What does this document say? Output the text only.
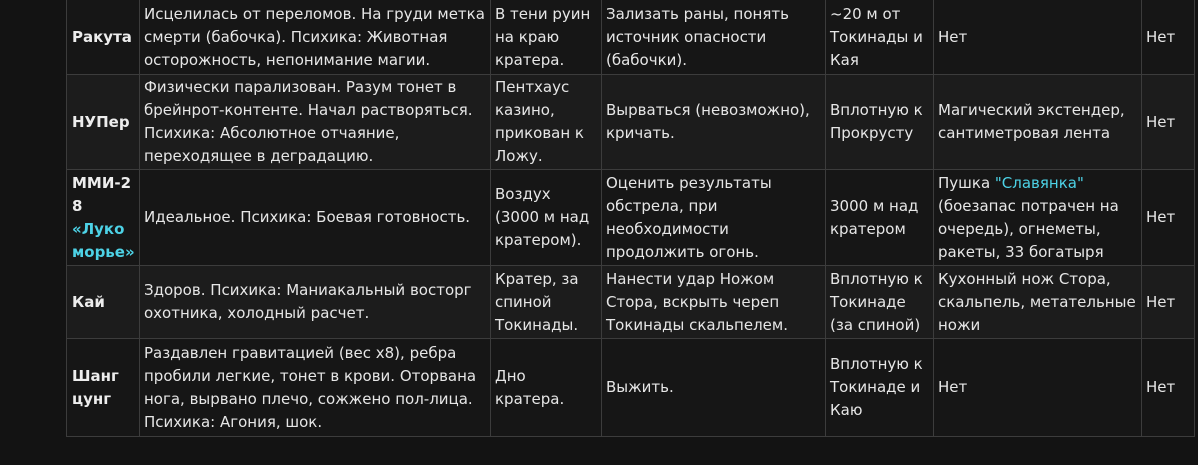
Ракута	Исцелилась от переломов. На груди метка смерти (бабочка). Психика: Животная осторожность, непонимание магии.	В тени руин на краю кратера.	Зализать раны, понять источник опасности (бабочки).	~20 м от Токинады и Кая	Нет	Нет
НУПер	Физически парализован. Разум тонет в брейнрот-контенте. Начал растворяться. Психика: Абсолютное отчаяние, переходящее в деградацию.	Пентхаус казино, прикован к Ложу.	Вырваться (невозможно), кричать.	Вплотную к Прокрусту	Магический экстендер, сантиметровая лента	Нет
ММИ-28
«Лукоморье»	Идеальное. Психика: Боевая готовность.	Воздух (3000 м над кратером).	Оценить результаты обстрела, при необходимости продолжить огонь.	3000 м над кратером	Пушка "Славянка" (боезапас потрачен на очередь), огнеметы, ракеты, 33 богатыря	Нет
Кай	Здоров. Психика: Маниакальный восторг охотника, холодный расчет.	Кратер, за спиной Токинады.	Нанести удар Ножом Стора, вскрыть череп Токинады скальпелем.	Вплотную к Токинаде (за спиной)	Кухонный нож Стора, скальпель, метательные ножи	Нет
Шанг цунг	Раздавлен гравитацией (вес х8), ребра пробили легкие, тонет в крови. Оторвана нога, вырвано плечо, сожжено пол-лица. Психика: Агония, шок.	Дно кратера.	Выжить.	Вплотную к Токинаде и Каю	Нет	Нет
